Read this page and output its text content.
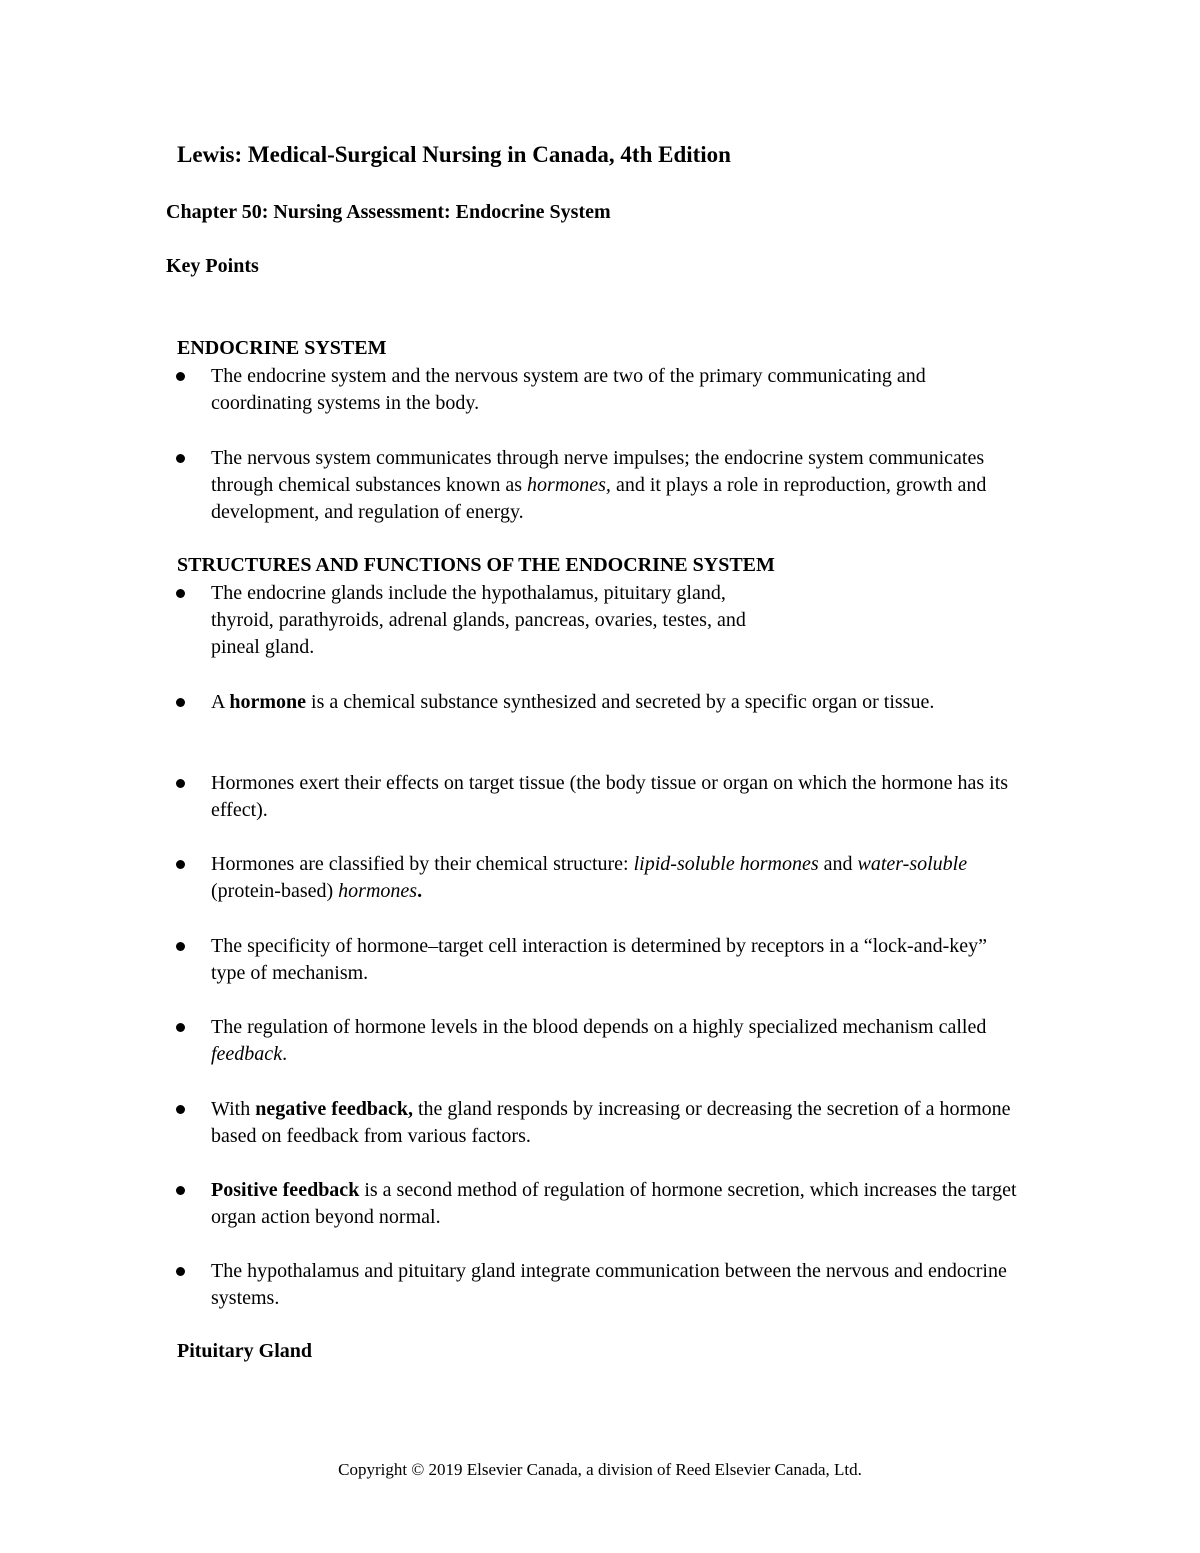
Lewis: Medical-Surgical Nursing in Canada, 4th Edition
Chapter 50: Nursing Assessment: Endocrine System
Key Points
ENDOCRINE SYSTEM
The endocrine system and the nervous system are two of the primary communicating and coordinating systems in the body.
The nervous system communicates through nerve impulses; the endocrine system communicates through chemical substances known as hormones, and it plays a role in reproduction, growth and development, and regulation of energy.
STRUCTURES AND FUNCTIONS OF THE ENDOCRINE SYSTEM
The endocrine glands include the hypothalamus, pituitary gland,
thyroid, parathyroids, adrenal glands, pancreas, ovaries, testes, and
pineal gland.
A hormone is a chemical substance synthesized and secreted by a specific organ or tissue.
Hormones exert their effects on target tissue (the body tissue or organ on which the hormone has its effect).
Hormones are classified by their chemical structure: lipid-soluble hormones and water-soluble (protein-based) hormones.
The specificity of hormone–target cell interaction is determined by receptors in a “lock-and-key” type of mechanism.
The regulation of hormone levels in the blood depends on a highly specialized mechanism called feedback.
With negative feedback, the gland responds by increasing or decreasing the secretion of a hormone based on feedback from various factors.
Positive feedback is a second method of regulation of hormone secretion, which increases the target organ action beyond normal.
The hypothalamus and pituitary gland integrate communication between the nervous and endocrine systems.
Pituitary Gland
Copyright © 2019 Elsevier Canada, a division of Reed Elsevier Canada, Ltd.
